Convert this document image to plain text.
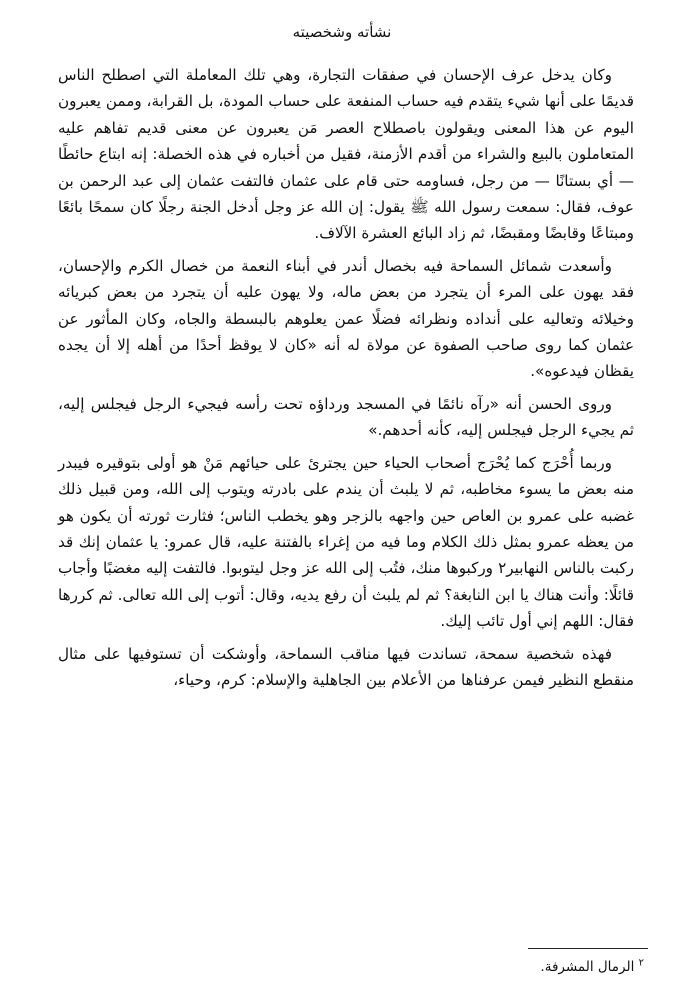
نشأته وشخصيته

وكان يدخل عرف الإحسان في صفقات التجارة، وهي تلك المعاملة التي اصطلح الناس قديمًا على أنها شيء يتقدم فيه حساب المنفعة على حساب المودة، بل القرابة، وممن يعبرون اليوم عن هذا المعنى ويقولون باصطلاح العصر مَن يعبرون عن معنى قديم تفاهم عليه المتعاملون بالبيع والشراء من أقدم الأزمنة، فقيل من أخباره في هذه الخصلة: إنه ابتاع حائطًا — أي بستانًا — من رجل، فساومه حتى قام على عثمان فالتفت عثمان إلى عبد الرحمن بن عوف، فقال: سمعت رسول الله ﷺ يقول: إن الله عز وجل أدخل الجنة رجلًا كان سمحًا بائعًا ومبتاعًا وقابضًا ومقبضًا، ثم زاد البائع العشرة الآلاف.

وأسعدت شمائل السماحة فيه بخصال أندر في أبناء النعمة من خصال الكرم والإحسان، فقد يهون على المرء أن يتجرد من بعض ماله، ولا يهون عليه أن يتجرد من بعض كبريائه وخيلائه وتعاليه على أنداده ونظرائه فضلًا عمن يعلوهم بالبسطة والجاه، وكان المأثور عن عثمان كما روى صاحب الصفوة عن مولاة له أنه «كان لا يوقظ أحدًا من أهله إلا أن يجده يقظان فيدعوه».

وروى الحسن أنه «رآه نائمًا في المسجد ورداؤه تحت رأسه فيجيء الرجل فيجلس إليه، ثم يجيء الرجل فيجلس إليه، كأنه أحدهم.»

وربما أُحْرَج كما يُحْرَج أصحاب الحياء حين يجترئ على حيائهم مَنْ هو أولى بتوقيره فيبدر منه بعض ما يسوء مخاطبه، ثم لا يلبث أن يندم على بادرته ويتوب إلى الله، ومن قبيل ذلك غضبه على عمرو بن العاص حين واجهه بالزجر وهو يخطب الناس؛ فثارت ثورته أن يكون هو من يعظه عمرو بمثل ذلك الكلام وما فيه من إغراء بالفتنة عليه، قال عمرو: يا عثمان إنك قد ركبت بالناس النهابير٢ وركبوها منك، فتُب إلى الله عز وجل ليتوبوا. فالتفت إليه مغضبًا وأجاب قائلًا: وأنت هناك يا ابن النابغة؟ ثم لم يلبث أن رفع يديه، وقال: أتوب إلى الله تعالى. ثم كررها فقال: اللهم إني أول تائب إليك.

فهذه شخصية سمحة، تساندت فيها مناقب السماحة، وأوشكت أن تستوفيها على مثال منقطع النظير فيمن عرفناها من الأعلام بين الجاهلية والإسلام: كرم، وحياء،

$^٢$ الرمال المشرفة.
